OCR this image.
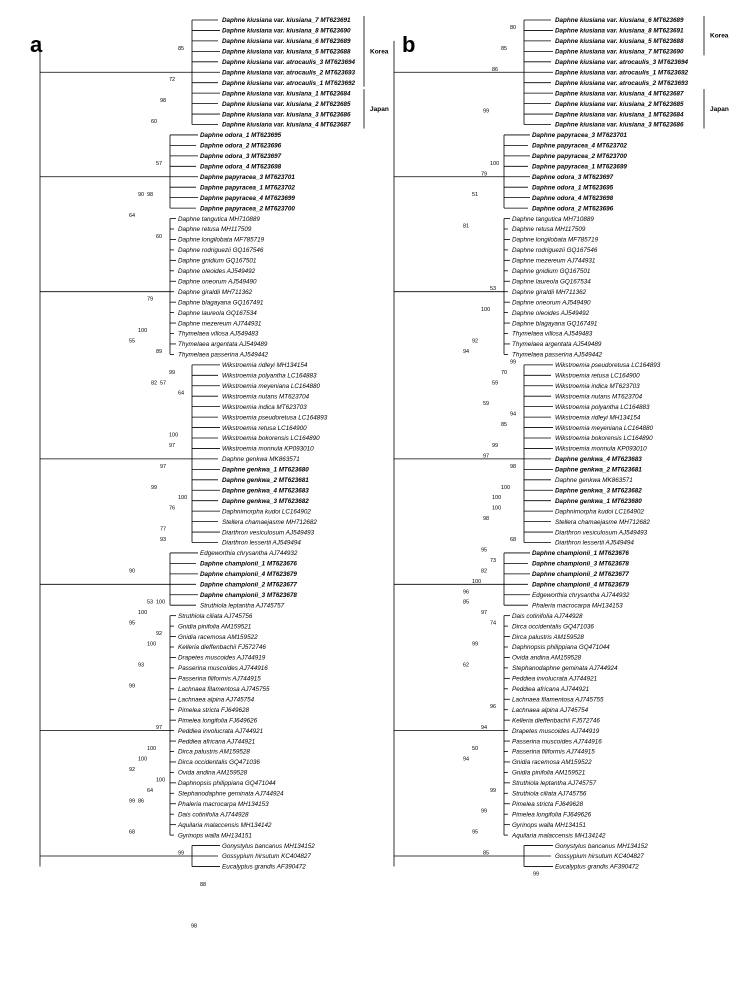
a
Daphne kiusiana var. kiusiana_7 MT623691
Daphne kiusiana var. kiusiana_8 MT623690
Daphne kiusiana var. kiusiana_6 MT623689
Daphne kiusiana var. kiusiana_5 MT623688
Daphne kiusiana var. atrocaulis_3 MT623694
Daphne kiusiana var. atrocaulis_2 MT623693
Daphne kiusiana var. atrocaulis_1 MT623692
Daphne kiusiana var. kiusiana_1 MT623684
Daphne kiusiana var. kiusiana_2 MT623685
Daphne kiusiana var. kiusiana_3 MT623686
Daphne kiusiana var. kiusiana_4 MT623687
Daphne odora_1 MT623695
Daphne odora_2 MT623696
Daphne odora_3 MT623697
Daphne odora_4 MT623698
Daphne papyracea_3 MT623701
Daphne papyracea_1 MT623702
Daphne papyracea_4 MT623699
Daphne papyracea_2 MT623700
Daphne tangutica MH710889
Daphne retusa MH117509
Daphne longilobata MF785719
Daphne rodriguezii GQ167546
Daphne gnidium GQ167501
Daphne oleoides AJ549492
Daphne oneorum AJ549490
Daphne giraldii MH711362
Daphne blagayana GQ167491
Daphne laureola GQ167534
Daphne mezereum AJ744931
Thymelaea villosa AJ549483
Thymelaea argentata AJ549489
Thymelaea passerina AJ549442
Wikstroemia ridleyi MH134154
Wikstroemia polyantha LC164883
Wikstroemia meyeniana LC164880
Wikstroemia nutans MT623704
Wikstroemia indica MT623703
Wikstroemia pseudoretusa LC164893
Wikstroemia retusa LC164900
Wikstroemia bokorensis LC164890
Wikstroemia monnula KP093010
Daphne genkwa MK863571
Daphne genkwa_1 MT623680
Daphne genkwa_2 MT623681
Daphne genkwa_4 MT623683
Daphne genkwa_3 MT623682
Daphnimorpha kudoi LC164902
Stellera chamaejasme MH712682
Diarthron vesiculosum AJ549493
Diarthron lessertii AJ549494
Edgeworthia chrysantha AJ744932
Daphne championii_1 MT623676
Daphne championii_4 MT623679
Daphne championii_2 MT623677
Daphne championii_3 MT623678
Struthiola leptantha AJ745757
Struthiola ciliata AJ745756
Gnidia pinifolia AM159521
Gnidia racemosa AM159522
Kelleria dieffenbachii FJ572746
Drapetes muscoides AJ744919
Passerina muscoides AJ744916
Passerina filiformis AJ744915
Lachnaea filamentosa AJ745755
Lachnaea alpina AJ745754
Pimelea stricta FJ649628
Pimelea longifolia FJ649626
Peddiea involucrata AJ744921
Peddiea africana AJ744921
Dirca palustris AM159528
Dirca occidentalis GQ471036
Ovida andina AM159528
Daphnopsis philippiana GQ471044
Stephanodaphne geminata AJ744924
Phaleria macrocarpa MH134153
Dais cotinifolia AJ744928
Aquilaria malaccensis MH134142
Gyrinops walla MH134151
Gonystylus bancanus MH134152
Gossypium hirsutum KC404827
Eucalyptus grandis AF390472
85
72
98
60
57
98
90
64
60
79
100
55
89
99
57
82
64
97
97
99
100
76
93
90
100
53
100
95
92
100
93
99
97
100
100
92
100
64
86
68
99
100
77
99
88
98
Korea
Japan
b
Daphne kiusiana var. kiusiana_6 MT623689
Daphne kiusiana var. kiusiana_8 MT623691
Daphne kiusiana var. kiusiana_5 MT623688
Daphne kiusiana var. kiusiana_7 MT623690
Daphne kiusiana var. atrocaulis_3 MT623694
Daphne kiusiana var. atrocaulis_1 MT623692
Daphne kiusiana var. atrocaulis_2 MT623693
Daphne kiusiana var. kiusiana_4 MT623687
Daphne kiusiana var. kiusiana_2 MT623685
Daphne kiusiana var. kiusiana_1 MT623684
Daphne kiusiana var. kiusiana_3 MT623686
Daphne papyracea_3 MT623701
Daphne papyracea_4 MT623702
Daphne papyracea_2 MT623700
Daphne papyracea_1 MT623699
Daphne odora_3 MT623697
Daphne odora_1 MT623695
Daphne odora_4 MT623698
Daphne odora_2 MT623696
Daphne tangutica MH710889
Daphne retusa MH117509
Daphne longilobata MF785719
Daphne rodriguezii GQ167546
Daphne mezereum AJ744931
Daphne gnidium GQ167501
Daphne laureola GQ167534
Daphne giraldii MH711362
Daphne oneorum AJ549490
Daphne oleoides AJ549492
Daphne blagayana GQ167491
Thymelaea villosa AJ549483
Thymelaea argentata AJ549489
Thymelaea passerina AJ549442
Wikstroemia pseudoretusa LC164893
Wikstroemia retusa LC164900
Wikstroemia indica MT623703
Wikstroemia nutans MT623704
Wikstroemia polyantha LC164883
Wikstroemia ridleyi MH134154
Wikstroemia meyeniana LC164880
Wikstroemia bokorensis LC164890
Wikstroemia monnula KP093010
Daphne genkwa_4 MT623683
Daphne genkwa_2 MT623681
Daphne genkwa MK863571
Daphne genkwa_3 MT623682
Daphne genkwa_1 MT623680
Daphnimorpha kudoi LC164902
Stellera chamaejasme MH712682
Diarthron vesiculosum AJ549493
Diarthron lessertii AJ549494
Daphne championii_1 MT623676
Daphne championii_3 MT623678
Daphne championii_2 MT623677
Daphne championii_4 MT623679
Edgeworthia chrysantha AJ744932
Phaleria macrocarpa MH134153
Dais cotinifolia AJ744928
Dirca occidentalis GQ471036
Dirca palustris AM159528
Daphnopsis philippiana GQ471044
Ovida andina AM159528
Stephanodaphne geminata AJ744924
Peddiea involucrata AJ744921
Peddiea africana AJ744921
Lachnaea filamentosa AJ745755
Lachnaea alpina AJ745754
Kelleria dieffenbachii FJ572746
Drapetes muscoides AJ744919
Passerina muscoides AJ744916
Passerina filiformis AJ744915
Gnidia racemosa AM159522
Gnidia pinifolia AM159521
Struthiola leptantha AJ745757
Struthiola ciliata AJ745756
Pimelea stricta FJ649628
Pimelea longifolia FJ649626
Gyrinops walla MH134151
Aquilaria malaccensis MH134142
Gonystylus bancanus MH134152
Gossypium hirsutum KC404827
Eucalyptus grandis AF390472
80
85
86
99
100
79
51
81
53
100
92
94
99
70
59
59
94
85
99
97
98
100
100
98
68
95
100
85
73
82
100
96
74
97
99
62
96
94
50
94
99
99
95
85
99
Korea
Japan
